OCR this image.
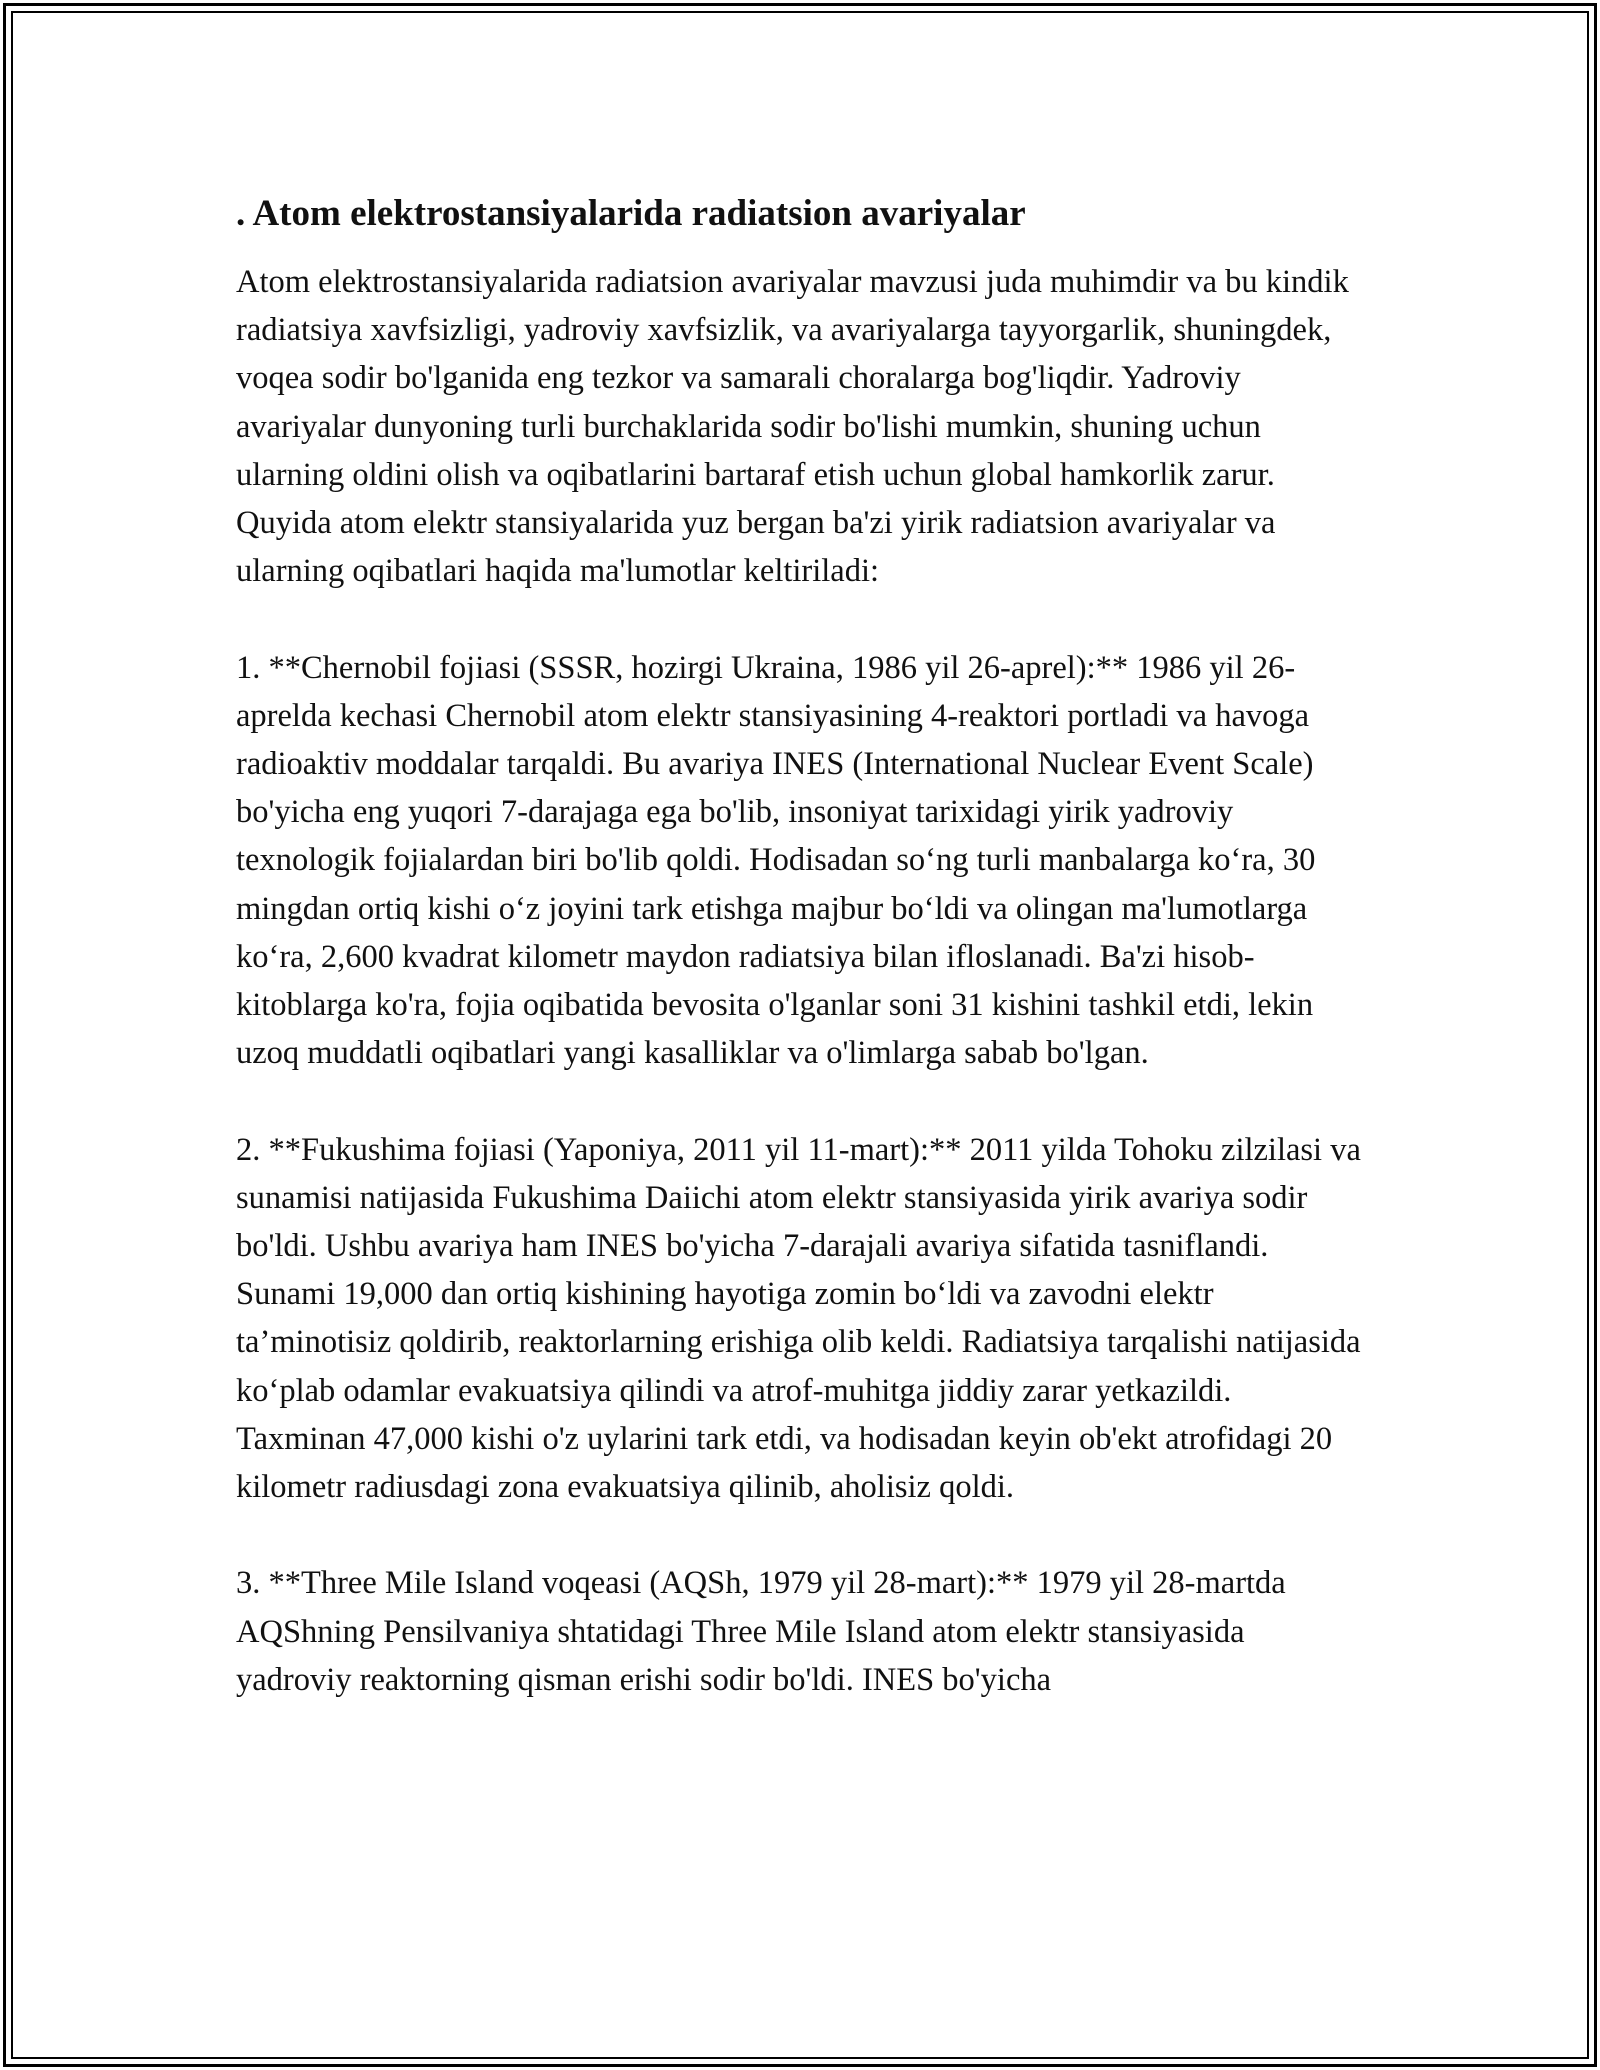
. Atom elektrostansiyalarida radiatsion avariyalar
Atom elektrostansiyalarida radiatsion avariyalar mavzusi juda muhimdir va bu kindik radiatsiya xavfsizligi, yadroviy xavfsizlik, va avariyalarga tayyorgarlik, shuningdek, voqea sodir bo'lganida eng tezkor va samarali choralarga bog'liqdir. Yadroviy avariyalar dunyoning turli burchaklarida sodir bo'lishi mumkin, shuning uchun ularning oldini olish va oqibatlarini bartaraf etish uchun global hamkorlik zarur. Quyida atom elektr stansiyalarida yuz bergan ba'zi yirik radiatsion avariyalar va ularning oqibatlari haqida ma'lumotlar keltiriladi:
1. **Chernobil fojiasi (SSSR, hozirgi Ukraina, 1986 yil 26-aprel):** 1986 yil 26-aprelda kechasi Chernobil atom elektr stansiyasining 4-reaktori portladi va havoga radioaktiv moddalar tarqaldi. Bu avariya INES (International Nuclear Event Scale) bo'yicha eng yuqori 7-darajaga ega bo'lib, insoniyat tarixidagi yirik yadroviy texnologik fojialardan biri bo'lib qoldi. Hodisadan so‘ng turli manbalarga ko‘ra, 30 mingdan ortiq kishi o‘z joyini tark etishga majbur bo‘ldi va olingan ma'lumotlarga ko‘ra, 2,600 kvadrat kilometr maydon radiatsiya bilan ifloslanadi. Ba'zi hisob-kitoblarga ko'ra, fojia oqibatida bevosita o'lganlar soni 31 kishini tashkil etdi, lekin uzoq muddatli oqibatlari yangi kasalliklar va o'limlarga sabab bo'lgan.
2. **Fukushima fojiasi (Yaponiya, 2011 yil 11-mart):** 2011 yilda Tohoku zilzilasi va sunamisi natijasida Fukushima Daiichi atom elektr stansiyasida yirik avariya sodir bo'ldi. Ushbu avariya ham INES bo'yicha 7-darajali avariya sifatida tasniflandi. Sunami 19,000 dan ortiq kishining hayotiga zomin bo‘ldi va zavodni elektr ta’minotisiz qoldirib, reaktorlarning erishiga olib keldi. Radiatsiya tarqalishi natijasida ko‘plab odamlar evakuatsiya qilindi va atrof-muhitga jiddiy zarar yetkazildi. Taxminan 47,000 kishi o'z uylarini tark etdi, va hodisadan keyin ob'ekt atrofidagi 20 kilometr radiusdagi zona evakuatsiya qilinib, aholisiz qoldi.
3. **Three Mile Island voqeasi (AQSh, 1979 yil 28-mart):** 1979 yil 28-martda AQShning Pensilvaniya shtatidagi Three Mile Island atom elektr stansiyasida yadroviy reaktorning qisman erishi sodir bo'ldi. INES bo'yicha
